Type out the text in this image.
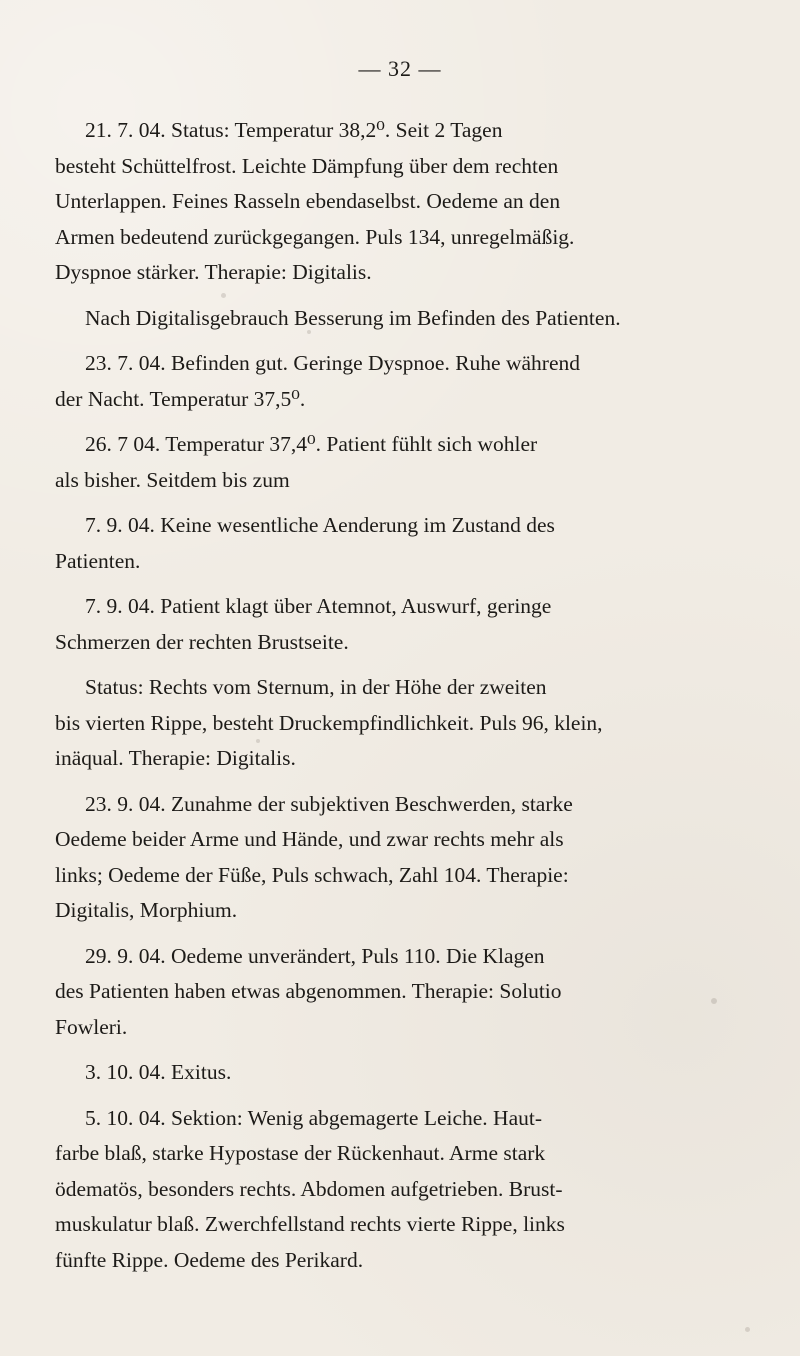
— 32 —
21. 7. 04. Status: Temperatur 38,2⁰. Seit 2 Tagen
besteht Schüttelfrost. Leichte Dämpfung über dem rechten
Unterlappen. Feines Rasseln ebendaselbst. Oedeme an den
Armen bedeutend zurückgegangen. Puls 134, unregelmäßig.
Dyspnoe stärker. Therapie: Digitalis.
Nach Digitalisgebrauch Besserung im Befinden des Patienten.
23. 7. 04. Befinden gut. Geringe Dyspnoe. Ruhe während
der Nacht. Temperatur 37,5⁰.
26. 7 04. Temperatur 37,4⁰. Patient fühlt sich wohler
als bisher. Seitdem bis zum
7. 9. 04. Keine wesentliche Aenderung im Zustand des
Patienten.
7. 9. 04. Patient klagt über Atemnot, Auswurf, geringe
Schmerzen der rechten Brustseite.
Status: Rechts vom Sternum, in der Höhe der zweiten
bis vierten Rippe, besteht Druckempfindlichkeit. Puls 96, klein,
inäqual. Therapie: Digitalis.
23. 9. 04. Zunahme der subjektiven Beschwerden, starke
Oedeme beider Arme und Hände, und zwar rechts mehr als
links; Oedeme der Füße, Puls schwach, Zahl 104. Therapie:
Digitalis, Morphium.
29. 9. 04. Oedeme unverändert, Puls 110. Die Klagen
des Patienten haben etwas abgenommen. Therapie: Solutio
Fowleri.
3. 10. 04. Exitus.
5. 10. 04. Sektion: Wenig abgemagerte Leiche. Haut-
farbe blaß, starke Hypostase der Rückenhaut. Arme stark
ödematös, besonders rechts. Abdomen aufgetrieben. Brust-
muskulatur blaß. Zwerchfellstand rechts vierte Rippe, links
fünfte Rippe. Oedeme des Perikard.
